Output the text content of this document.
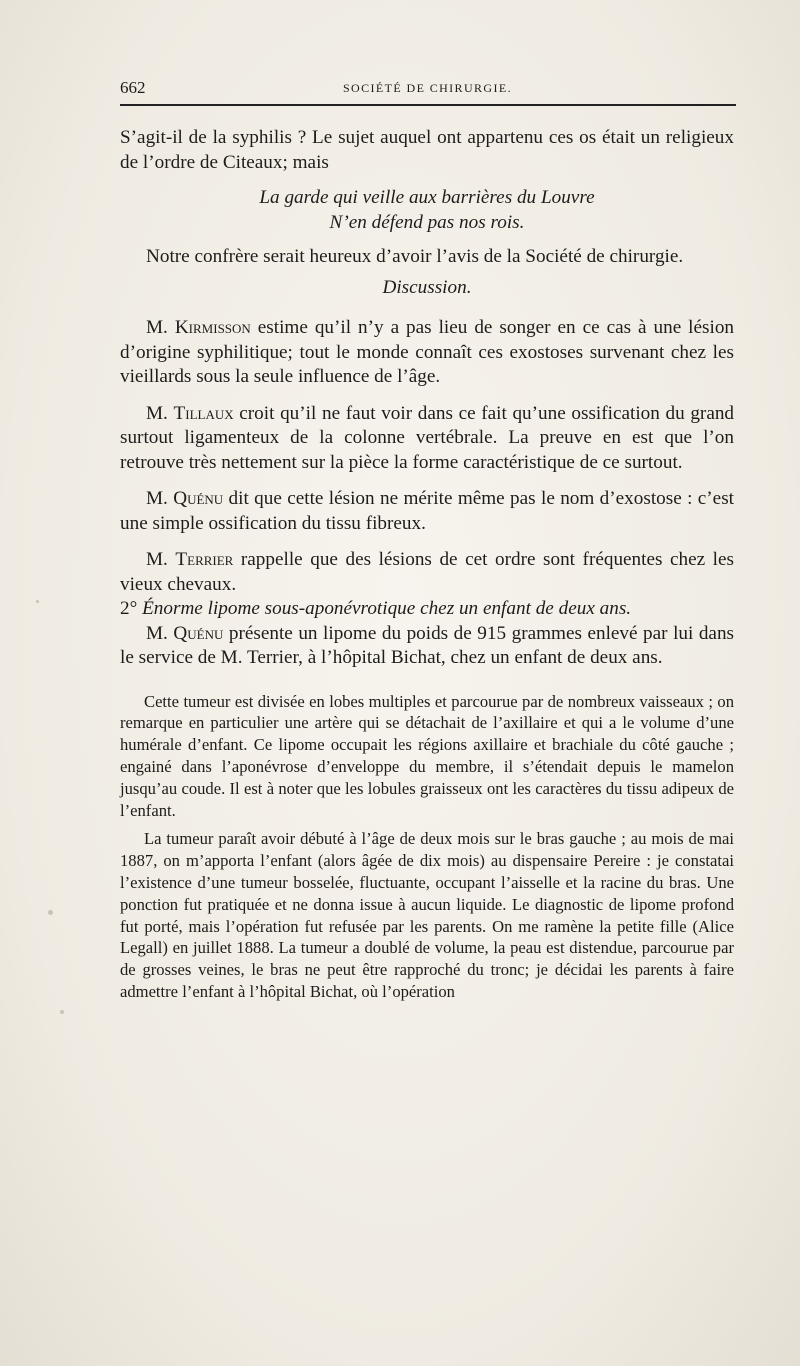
662	SOCIÉTÉ DE CHIRURGIE.

S’agit-il de la syphilis ? Le sujet auquel ont appartenu ces os était un religieux de l’ordre de Citeaux; mais

La garde qui veille aux barrières du Louvre
N’en défend pas nos rois.

Notre confrère serait heureux d’avoir l’avis de la Société de chirurgie.

Discussion.

M. Kirmisson estime qu’il n’y a pas lieu de songer en ce cas à une lésion d’origine syphilitique; tout le monde connaît ces exostoses survenant chez les vieillards sous la seule influence de l’âge.

M. Tillaux croit qu’il ne faut voir dans ce fait qu’une ossification du grand surtout ligamenteux de la colonne vertébrale. La preuve en est que l’on retrouve très nettement sur la pièce la forme caractéristique de ce surtout.

M. Quénu dit que cette lésion ne mérite même pas le nom d’exostose : c’est une simple ossification du tissu fibreux.

M. Terrier rappelle que des lésions de cet ordre sont fréquentes chez les vieux chevaux.

2° Énorme lipome sous-aponévrotique chez un enfant de deux ans.

M. Quénu présente un lipome du poids de 915 grammes enlevé par lui dans le service de M. Terrier, à l’hôpital Bichat, chez un enfant de deux ans.

Cette tumeur est divisée en lobes multiples et parcourue par de nombreux vaisseaux ; on remarque en particulier une artère qui se détachait de l’axillaire et qui a le volume d’une humérale d’enfant. Ce lipome occupait les régions axillaire et brachiale du côté gauche ; engainé dans l’aponévrose d’enveloppe du membre, il s’étendait depuis le mamelon jusqu’au coude. Il est à noter que les lobules graisseux ont les caractères du tissu adipeux de l’enfant.

La tumeur paraît avoir débuté à l’âge de deux mois sur le bras gauche ; au mois de mai 1887, on m’apporta l’enfant (alors âgée de dix mois) au dispensaire Pereire : je constatai l’existence d’une tumeur bosselée, fluctuante, occupant l’aisselle et la racine du bras. Une ponction fut pratiquée et ne donna issue à aucun liquide. Le diagnostic de lipome profond fut porté, mais l’opération fut refusée par les parents. On me ramène la petite fille (Alice Legall) en juillet 1888. La tumeur a doublé de volume, la peau est distendue, parcourue par de grosses veines, le bras ne peut être rapproché du tronc; je décidai les parents à faire admettre l’enfant à l’hôpital Bichat, où l’opération
